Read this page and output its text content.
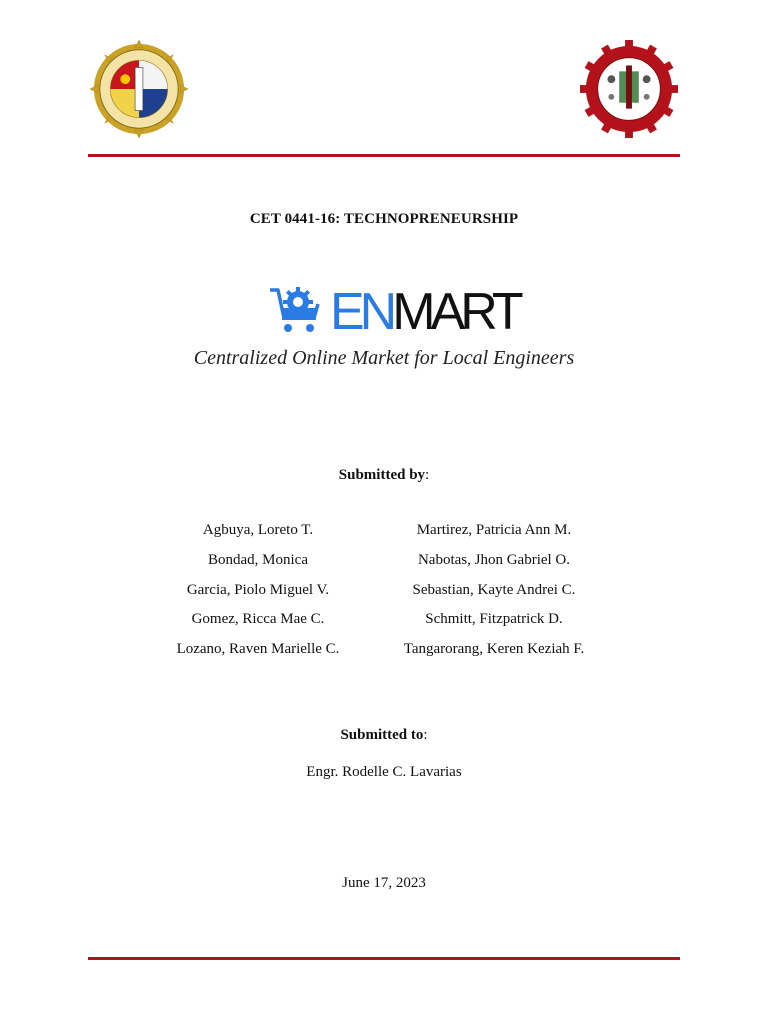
CET 0441-16: TECHNOPRENEURSHIP
ENMART
Centralized Online Market for Local Engineers
Submitted by:
Agbuya, Loreto T.
Bondad, Monica
Garcia, Piolo Miguel V.
Gomez, Ricca Mae C.
Lozano, Raven Marielle C.
Martirez, Patricia Ann M.
Nabotas, Jhon Gabriel O.
Sebastian, Kayte Andrei C.
Schmitt, Fitzpatrick D.
Tangarorang, Keren Keziah F.
Submitted to:
Engr. Rodelle C. Lavarias
June 17, 2023
